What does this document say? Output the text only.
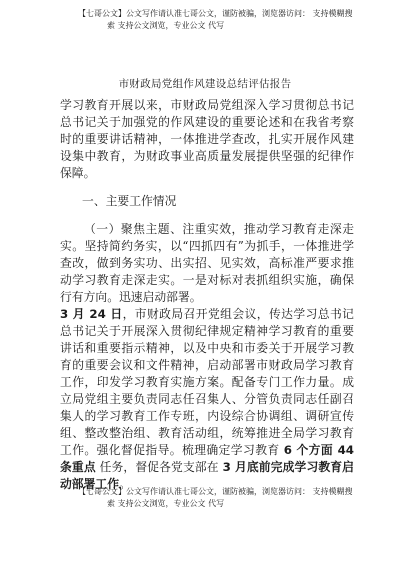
【七哥公文】公文写作请认准七哥公文，谨防被骗，浏览器访问： 支持模糊搜
索 支持公文浏览，专业公文 代写
市财政局党组作风建设总结评估报告

学习教育开展以来，市财政局党组深入学习贯彻总书记总书记关于加强党的作风建设的重要论述和在我省考察时的重要讲话精神，一体推进学查改，扎实开展作风建设集中教育，为财政事业高质量发展提供坚强的纪律作保障。

一、主要工作情况

（一）聚焦主题、注重实效，推动学习教育走深走实。坚持简约务实，以“四抓四有”为抓手，一体推进学查改，做到务实功、出实招、见实效，高标准严要求推动学习教育走深走实。一是对标对表抓组织实施，确保行有方向。迅速启动部署。

3 月 24 日，市财政局召开党组会议，传达学习总书记总书记关于开展深入贯彻纪律规定精神学习教育的重要讲话和重要指示精神，以及中央和市委关于开展学习教育的重要会议和文件精神，启动部署市财政局学习教育工作，印发学习教育实施方案。配备专门工作力量。成立局党组主要负责同志任召集人、分管负责同志任副召集人的学习教育工作专班，内设综合协调组、调研宣传组、整改整治组、教育活动组，统筹推进全局学习教育工作。强化督促指导。梳理确定学习教育 6 个方面 44 条重点 任务，督促各党支部在 3 月底前完成学习教育启动部署工作。

【七哥公文】公文写作请认准七哥公文，谨防被骗，浏览器访问： 支持模糊搜
索 支持公文浏览，专业公文 代写
